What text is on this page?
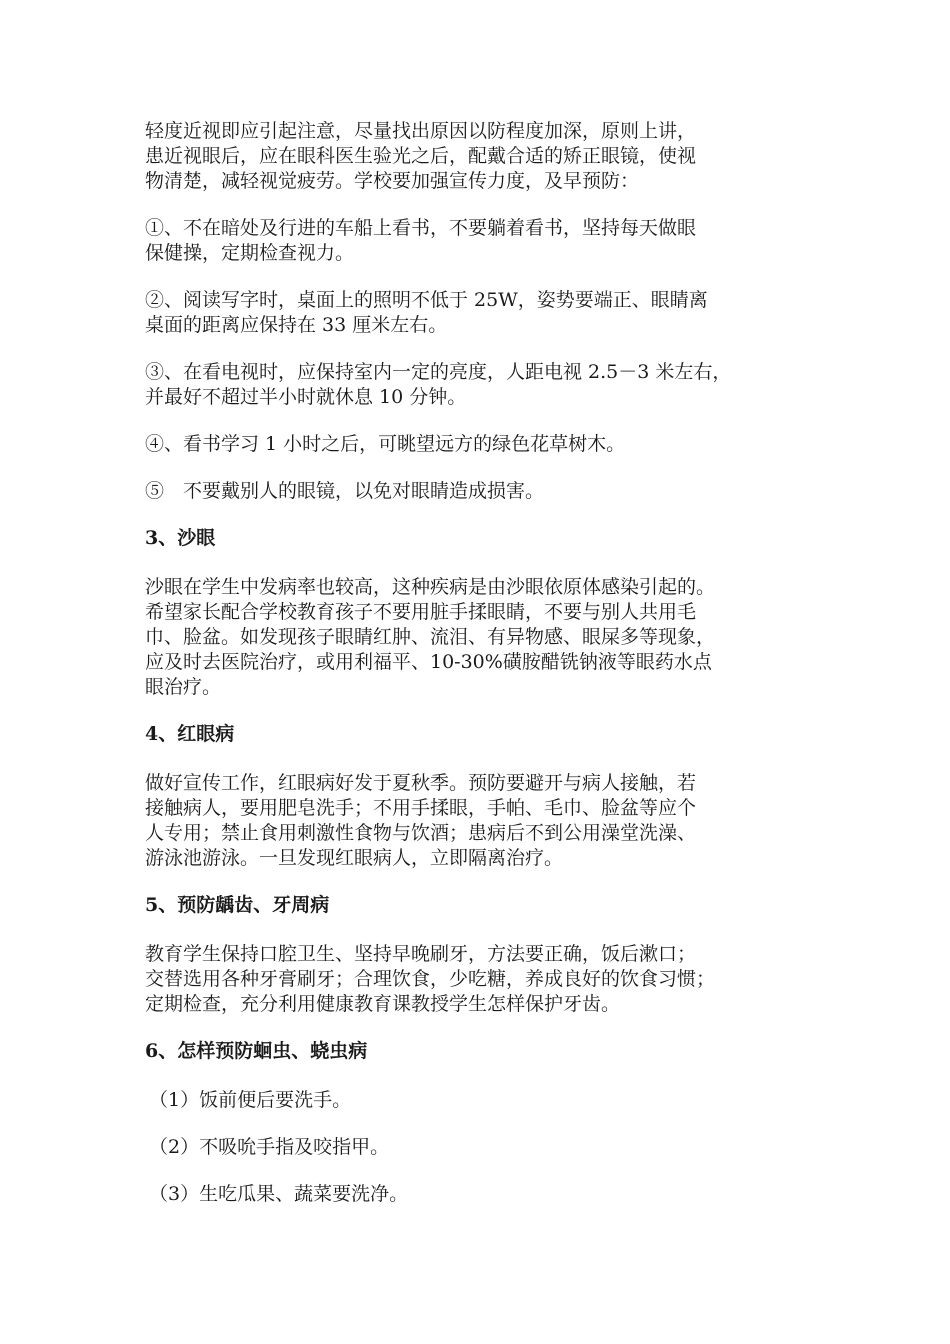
轻度近视即应引起注意，尽量找出原因以防程度加深，原则上讲，
患近视眼后，应在眼科医生验光之后，配戴合适的矫正眼镜，使视
物清楚，减轻视觉疲劳。学校要加强宣传力度，及早预防：

①、不在暗处及行进的车船上看书，不要躺着看书，坚持每天做眼
保健操，定期检查视力。

②、阅读写字时，桌面上的照明不低于 25W，姿势要端正、眼睛离
桌面的距离应保持在 33 厘米左右。

③、在看电视时，应保持室内一定的亮度，人距电视 2.5－3 米左右，
并最好不超过半小时就休息 10 分钟。

④、看书学习 1 小时之后，可眺望远方的绿色花草树木。

⑤　不要戴别人的眼镜，以免对眼睛造成损害。

3、沙眼

沙眼在学生中发病率也较高，这种疾病是由沙眼依原体感染引起的。
希望家长配合学校教育孩子不要用脏手揉眼睛，不要与别人共用毛
巾、脸盆。如发现孩子眼睛红肿、流泪、有异物感、眼屎多等现象，
应及时去医院治疗，或用利福平、10-30%磺胺醋铣钠液等眼药水点
眼治疗。

4、红眼病

做好宣传工作，红眼病好发于夏秋季。预防要避开与病人接触，若
接触病人，要用肥皂洗手；不用手揉眼，手帕、毛巾、脸盆等应个
人专用；禁止食用刺激性食物与饮酒；患病后不到公用澡堂洗澡、
游泳池游泳。一旦发现红眼病人，立即隔离治疗。

5、预防龋齿、牙周病

教育学生保持口腔卫生、坚持早晚刷牙，方法要正确，饭后漱口；
交替选用各种牙膏刷牙；合理饮食，少吃糖，养成良好的饮食习惯；
定期检查，充分利用健康教育课教授学生怎样保护牙齿。

6、怎样预防蛔虫、蛲虫病

（1）饭前便后要洗手。

（2）不吸吮手指及咬指甲。

（3）生吃瓜果、蔬菜要洗净。
